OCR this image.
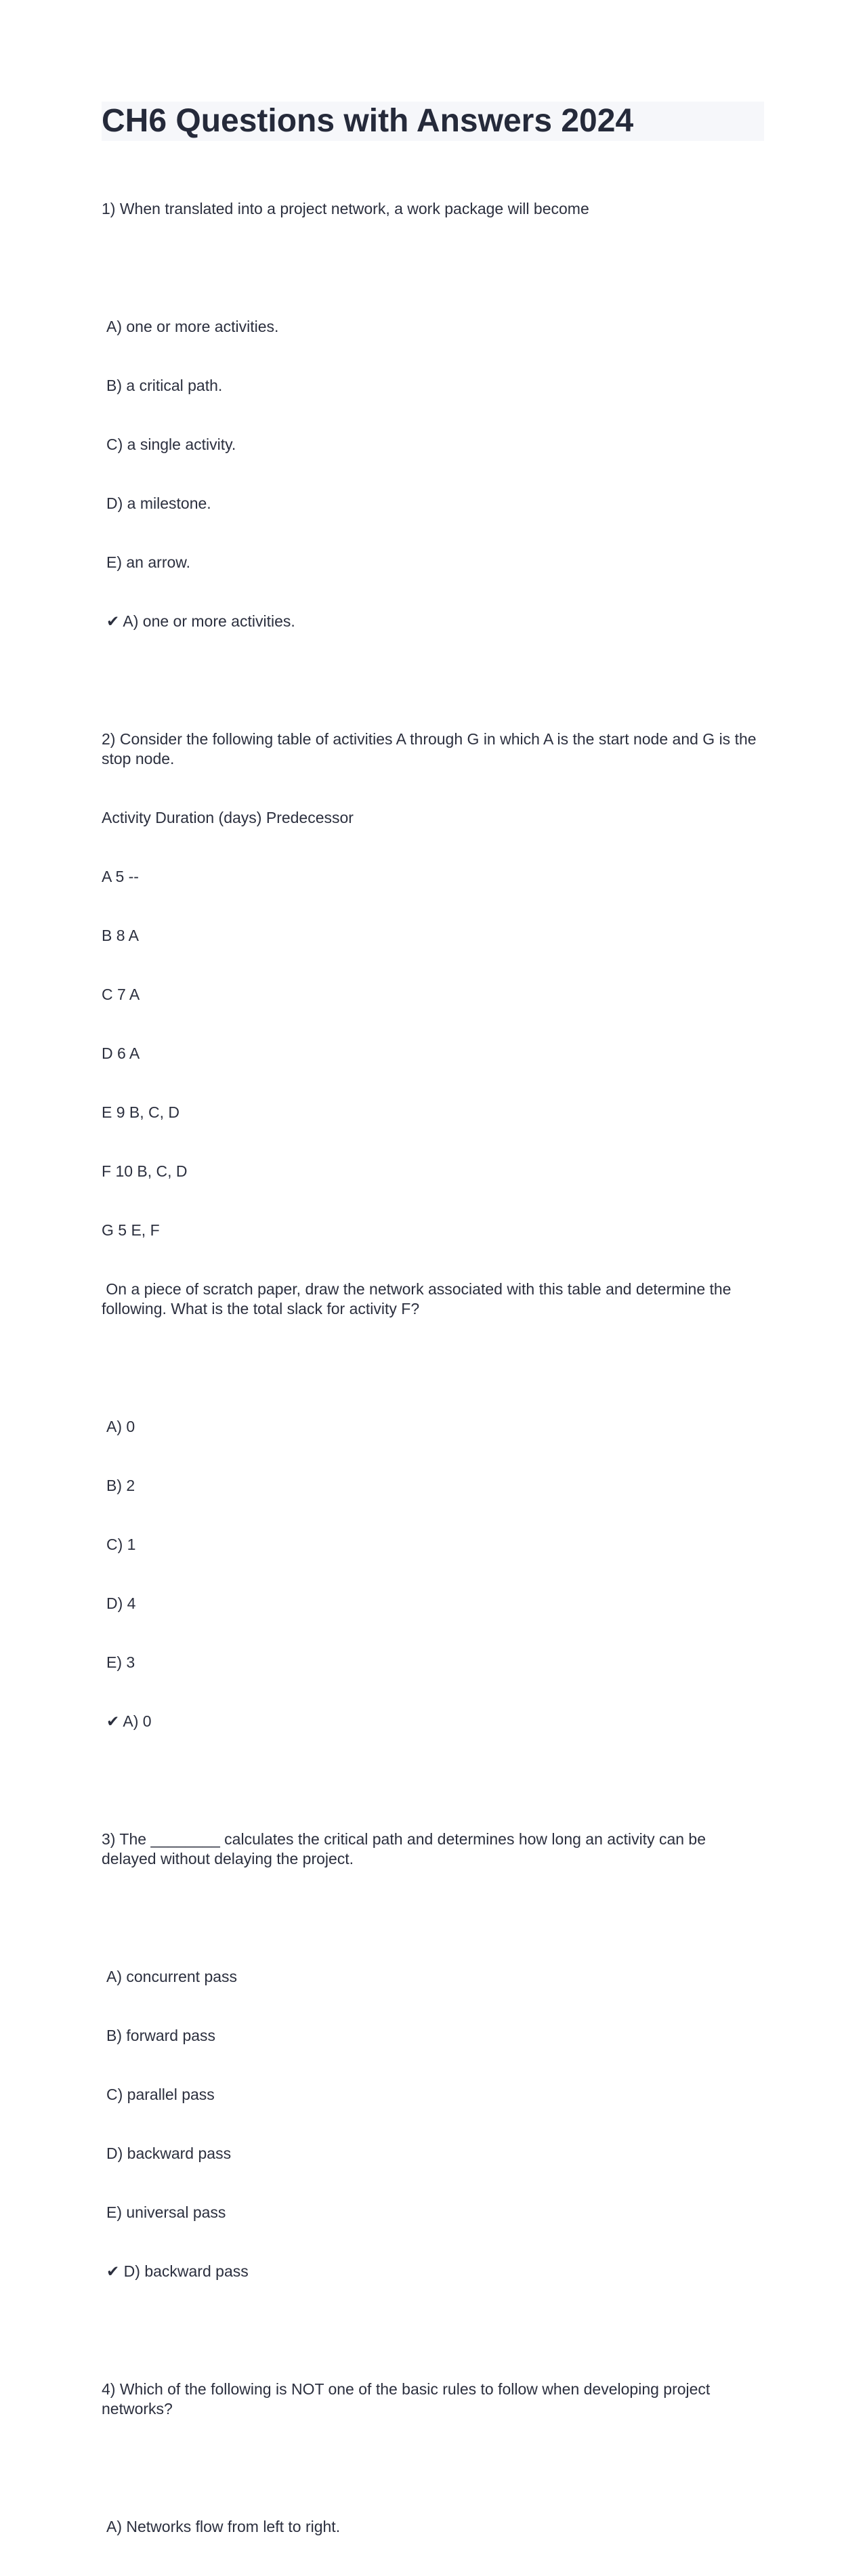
CH6 Questions with Answers 2024

1) When translated into a project network, a work package will become

A) one or more activities.

B) a critical path.

C) a single activity.

D) a milestone.

E) an arrow.

✔ A) one or more activities.

2) Consider the following table of activities A through G in which A is the start node and G is the stop node.

Activity Duration (days) Predecessor

A 5 --

B 8 A

C 7 A

D 6 A

E 9 B, C, D

F 10 B, C, D

G 5 E, F

On a piece of scratch paper, draw the network associated with this table and determine the following. What is the total slack for activity F?

A) 0

B) 2

C) 1

D) 4

E) 3

✔ A) 0

3) The ________ calculates the critical path and determines how long an activity can be delayed without delaying the project.

A) concurrent pass

B) forward pass

C) parallel pass

D) backward pass

E) universal pass

✔ D) backward pass

4) Which of the following is NOT one of the basic rules to follow when developing project networks?

A) Networks flow from left to right.
